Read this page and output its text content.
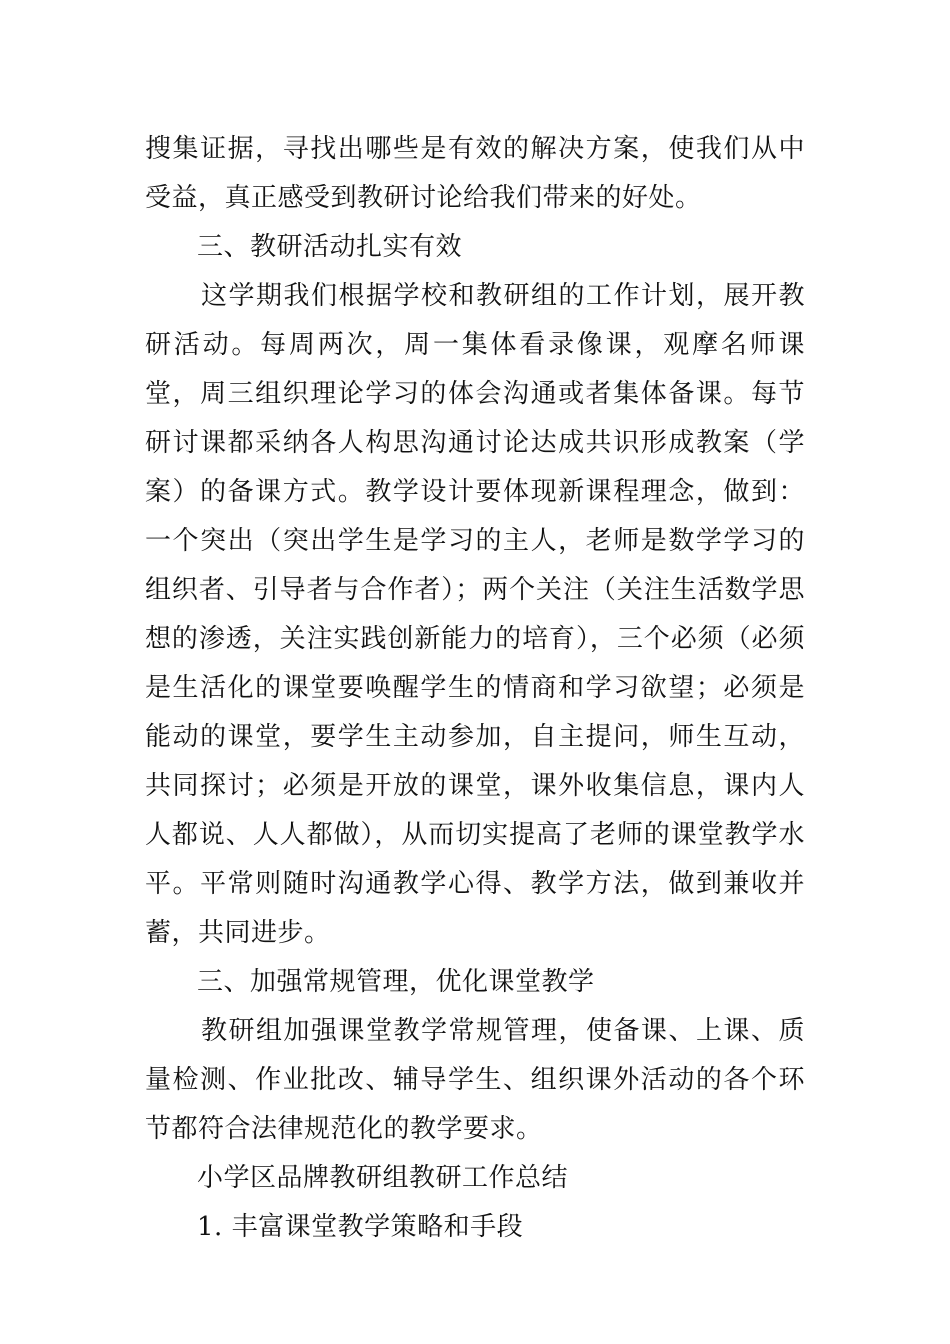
搜集证据，寻找出哪些是有效的解决方案，使我们从中受益，真正感受到教研讨论给我们带来的好处。

三、教研活动扎实有效

这学期我们根据学校和教研组的工作计划，展开教研活动。每周两次，周一集体看录像课，观摩名师课堂，周三组织理论学习的体会沟通或者集体备课。每节研讨课都采纳各人构思沟通讨论达成共识形成教案（学案）的备课方式。教学设计要体现新课程理念，做到：一个突出（突出学生是学习的主人，老师是数学学习的组织者、引导者与合作者）；两个关注（关注生活数学思想的渗透，关注实践创新能力的培育），三个必须（必须是生活化的课堂要唤醒学生的情商和学习欲望；必须是能动的课堂，要学生主动参加，自主提问，师生互动，共同探讨；必须是开放的课堂，课外收集信息，课内人人都说、人人都做），从而切实提高了老师的课堂教学水平。平常则随时沟通教学心得、教学方法，做到兼收并蓄，共同进步。

三、加强常规管理，优化课堂教学

教研组加强课堂教学常规管理，使备课、上课、质量检测、作业批改、辅导学生、组织课外活动的各个环节都符合法律规范化的教学要求。

小学区品牌教研组教研工作总结

1. 丰富课堂教学策略和手段
